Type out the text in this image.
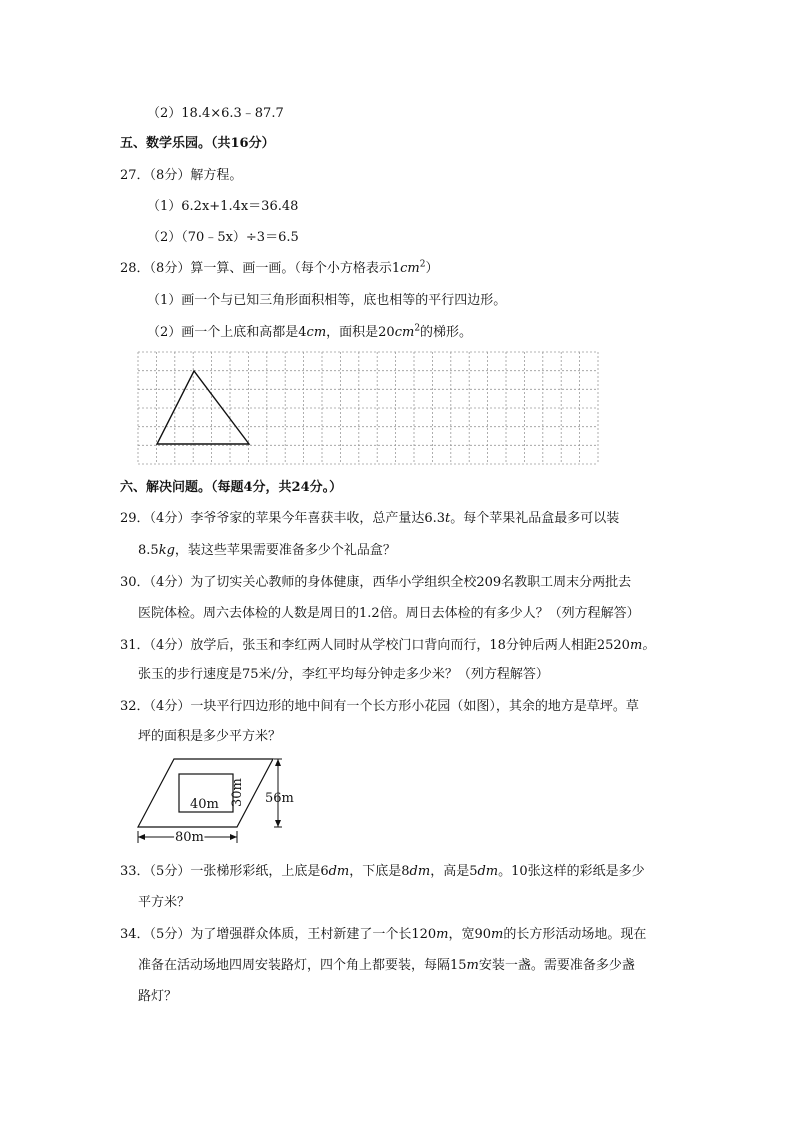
（2）18.4×6.3﹣87.7
五、数学乐园。（共16分）
27．（8分）解方程。
（1）6.2x+1.4x＝36.48
（2）（70﹣5x）÷3＝6.5
28．（8分）算一算、画一画。（每个小方格表示$1cm^2$）
（1）画一个与已知三角形面积相等，底也相等的平行四边形。
（2）画一个上底和高都是4cm，面积是$20cm^2$的梯形。
六、解决问题。（每题4分，共24分。）
29．（4分）李爷爷家的苹果今年喜获丰收，总产量达6.3t。每个苹果礼品盒最多可以装
8.5kg，装这些苹果需要准备多少个礼品盒？
30．（4分）为了切实关心教师的身体健康，西华小学组织全校209名教职工周末分两批去
医院体检。周六去体检的人数是周日的1.2倍。周日去体检的有多少人？（列方程解答）
31．（4分）放学后，张玉和李红两人同时从学校门口背向而行，18分钟后两人相距2520m。
张玉的步行速度是75米/分，李红平均每分钟走多少米？（列方程解答）
32．（4分）一块平行四边形的地中间有一个长方形小花园（如图），其余的地方是草坪。草
坪的面积是多少平方米？
40m 30m 56m
80m
33．（5分）一张梯形彩纸，上底是6dm，下底是8dm，高是5dm。10张这样的彩纸是多少
平方米？
34．（5分）为了增强群众体质，王村新建了一个长120m，宽90m的长方形活动场地。现在
准备在活动场地四周安装路灯，四个角上都要装，每隔15m安装一盏。需要准备多少盏
路灯？
